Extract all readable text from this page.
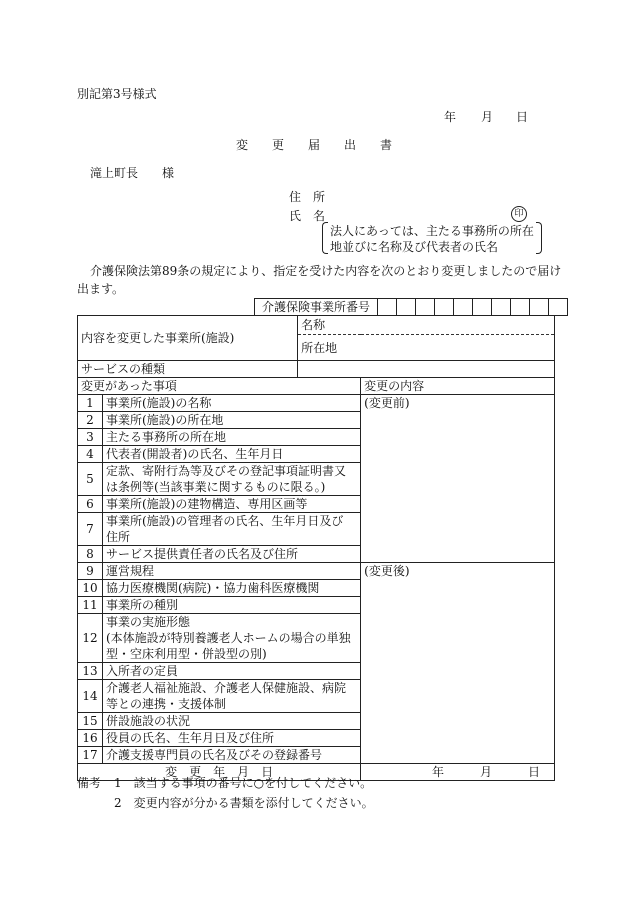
別記第3号様式
年 月 日
変　　更　　届　　出　　書
滝上町長　　様
住　所
氏　名	印
法人にあっては、主たる事務所の所在
地並びに名称及び代表者の氏名
介護保険法第89条の規定により、指定を受けた内容を次のとおり変更しましたので届け
出ます。
介護保険事業所番号										
内容を変更した事業所(施設)		名称	
		所在地	
サービスの種類			
変更があった事項			変更の内容
1	事業所(施設)の名称		(変更前)
2	事業所(施設)の所在地		

3	主たる事務所の所在地		

4	代表者(開設者)の氏名、生年月日		

5	定款、寄附行為等及びその登記事項証明書又
は条例等(当該事業に関するものに限る。)		

6	事業所(施設)の建物構造、専用区画等		

7	事業所(施設)の管理者の氏名、生年月日及び
住所		

8	サービス提供責任者の氏名及び住所		

9	運営規程		(変更後)
10	協力医療機関(病院)・協力歯科医療機関		

11	事業所の種別		

12	事業の実施形態
(本体施設が特別養護老人ホームの場合の単独
型・空床利用型・併設型の別)		

13	入所者の定員		

14	介護老人福祉施設、介護老人保健施設、病院
等との連携・支援体制		

15	併設施設の状況		

16	役員の氏名、生年月日及び住所		

17	介護支援専門員の氏名及びその登録番号		

変　更　年　月　日			年　　　月　　　日
備考 1　該当する事項の番号に○を付してください。
2　変更内容が分かる書類を添付してください。
